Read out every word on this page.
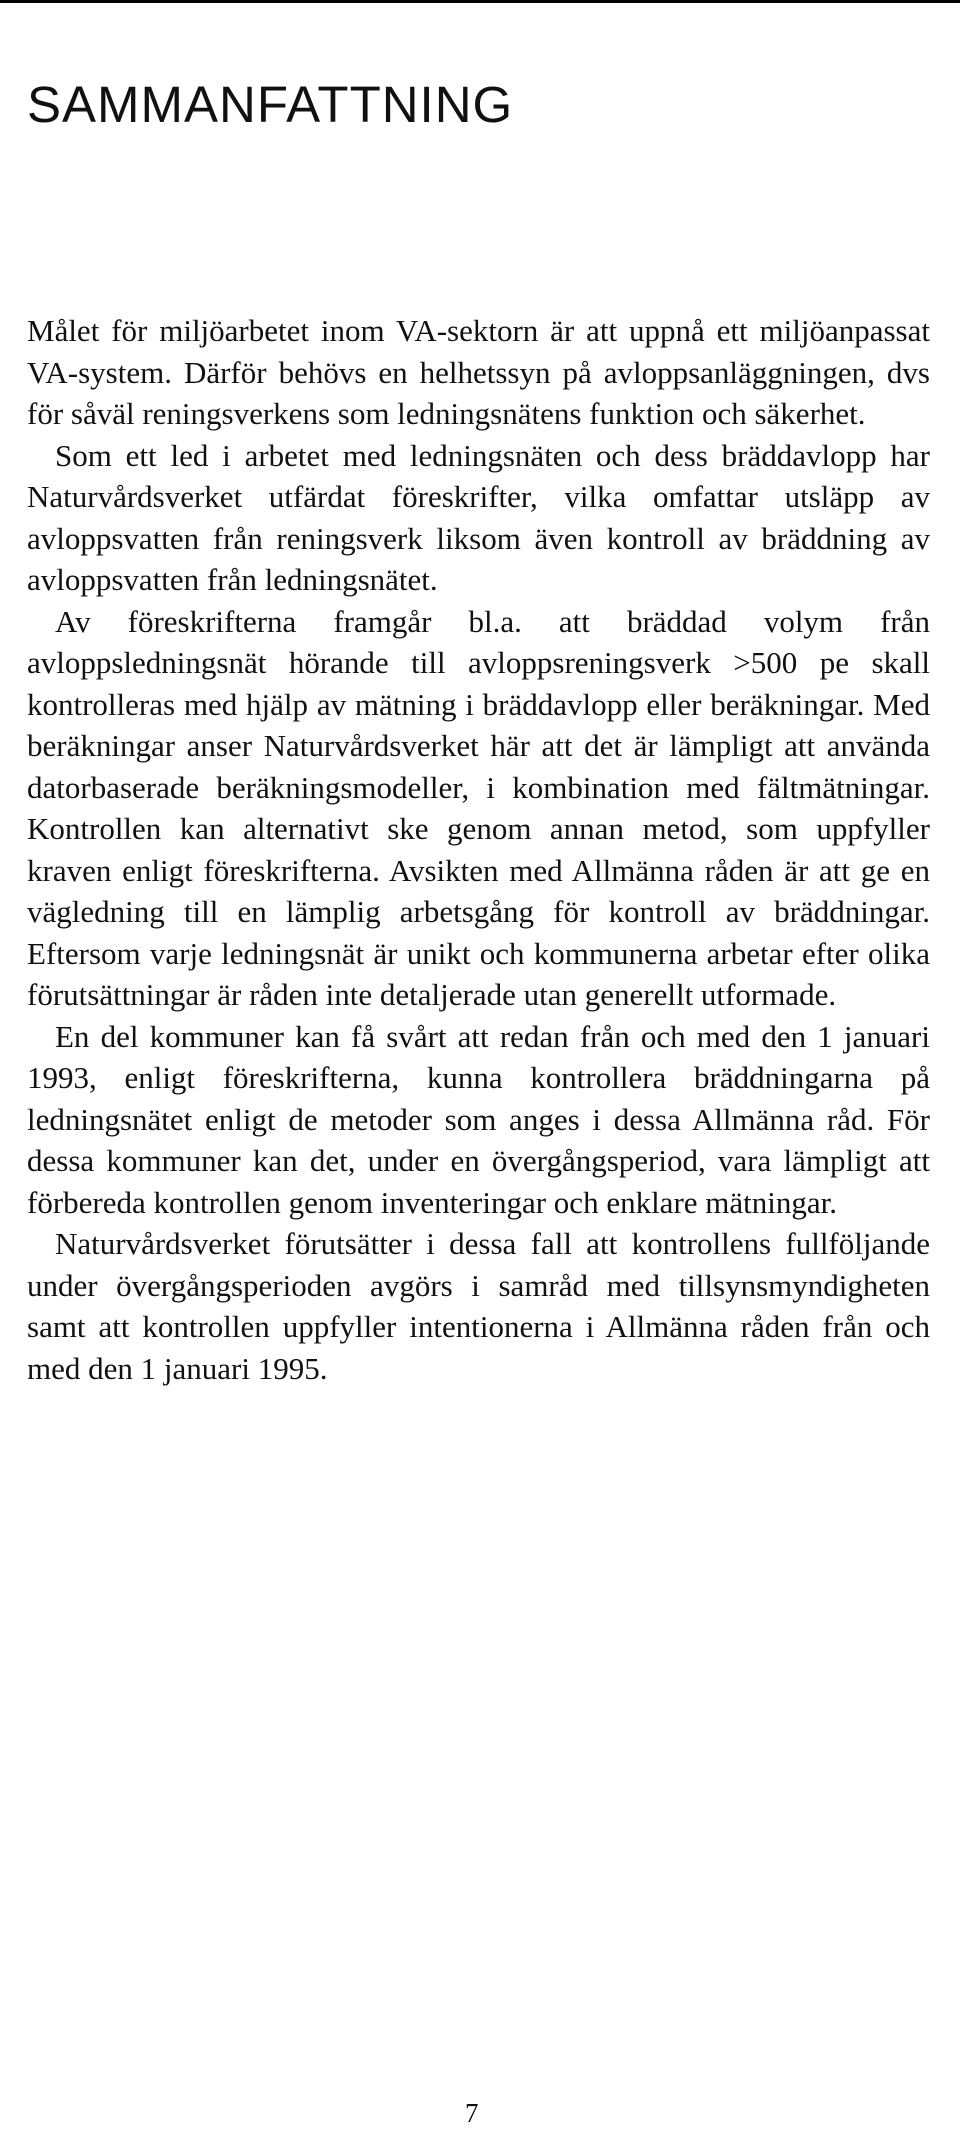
SAMMANFATTNING

Målet för miljöarbetet inom VA-sektorn är att uppnå ett miljöanpassat VA-system. Därför behövs en helhetssyn på avloppsanläggningen, dvs för såväl reningsverkens som ledningsnätens funktion och säkerhet.

Som ett led i arbetet med ledningsnäten och dess bräddavlopp har Naturvårdsverket utfärdat föreskrifter, vilka omfattar utsläpp av avloppsvatten från reningsverk liksom även kontroll av bräddning av avloppsvatten från ledningsnätet.

Av föreskrifterna framgår bl.a. att bräddad volym från avloppsledningsnät hörande till avloppsreningsverk >500 pe skall kontrolleras med hjälp av mätning i bräddavlopp eller beräkningar. Med beräkningar anser Naturvårdsverket här att det är lämpligt att använda datorbaserade beräkningsmodeller, i kombination med fältmätningar. Kontrollen kan alternativt ske genom annan metod, som uppfyller kraven enligt föreskrifterna. Avsikten med Allmänna råden är att ge en vägledning till en lämplig arbetsgång för kontroll av bräddningar. Eftersom varje ledningsnät är unikt och kommunerna arbetar efter olika förutsättningar är råden inte detaljerade utan generellt utformade.

En del kommuner kan få svårt att redan från och med den 1 januari 1993, enligt föreskrifterna, kunna kontrollera bräddningarna på ledningsnätet enligt de metoder som anges i dessa Allmänna råd. För dessa kommuner kan det, under en övergångsperiod, vara lämpligt att förbereda kontrollen genom inventeringar och enklare mätningar.

Naturvårdsverket förutsätter i dessa fall att kontrollens fullföljande under övergångsperioden avgörs i samråd med tillsynsmyndigheten samt att kontrollen uppfyller intentionerna i Allmänna råden från och med den 1 januari 1995.

7
